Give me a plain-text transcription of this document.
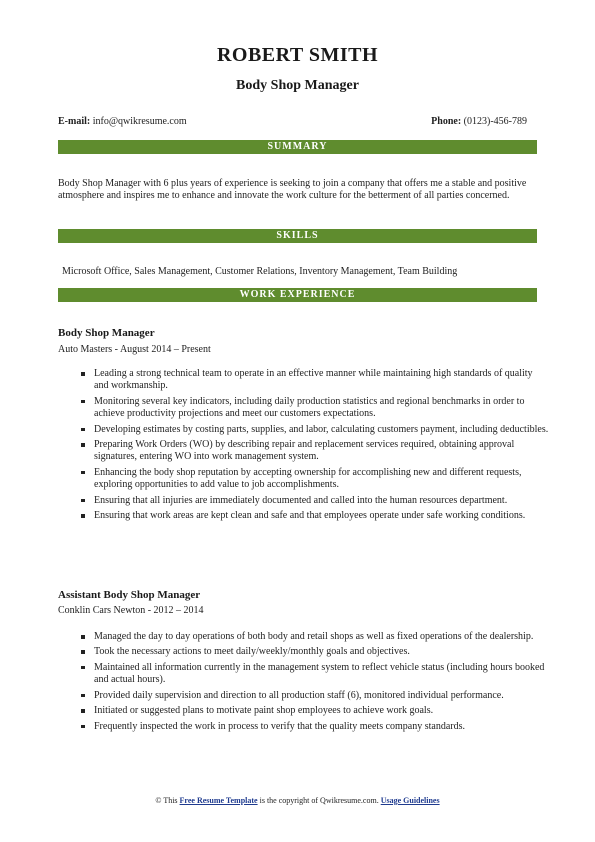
ROBERT SMITH
Body Shop Manager
E-mail: info@qwikresume.com	Phone: (0123)-456-789
SUMMARY
Body Shop Manager with 6 plus years of experience is seeking to join a company that offers me a stable and positive atmosphere and inspires me to enhance and innovate the work culture for the betterment of all parties concerned.
SKILLS
Microsoft Office, Sales Management, Customer Relations, Inventory Management, Team Building
WORK EXPERIENCE
Body Shop Manager
Auto Masters - August 2014 – Present
Leading a strong technical team to operate in an effective manner while maintaining high standards of quality and workmanship.
Monitoring several key indicators, including daily production statistics and regional benchmarks in order to achieve productivity projections and meet our customers expectations.
Developing estimates by costing parts, supplies, and labor, calculating customers payment, including deductibles.
Preparing Work Orders (WO) by describing repair and replacement services required, obtaining approval signatures, entering WO into work management system.
Enhancing the body shop reputation by accepting ownership for accomplishing new and different requests, exploring opportunities to add value to job accomplishments.
Ensuring that all injuries are immediately documented and called into the human resources department.
Ensuring that work areas are kept clean and safe and that employees operate under safe working conditions.
Assistant Body Shop Manager
Conklin Cars Newton - 2012 – 2014
Managed the day to day operations of both body and retail shops as well as fixed operations of the dealership.
Took the necessary actions to meet daily/weekly/monthly goals and objectives.
Maintained all information currently in the management system to reflect vehicle status (including hours booked and actual hours).
Provided daily supervision and direction to all production staff (6), monitored individual performance.
Initiated or suggested plans to motivate paint shop employees to achieve work goals.
Frequently inspected the work in process to verify that the quality meets company standards.
© This Free Resume Template is the copyright of Qwikresume.com. Usage Guidelines
